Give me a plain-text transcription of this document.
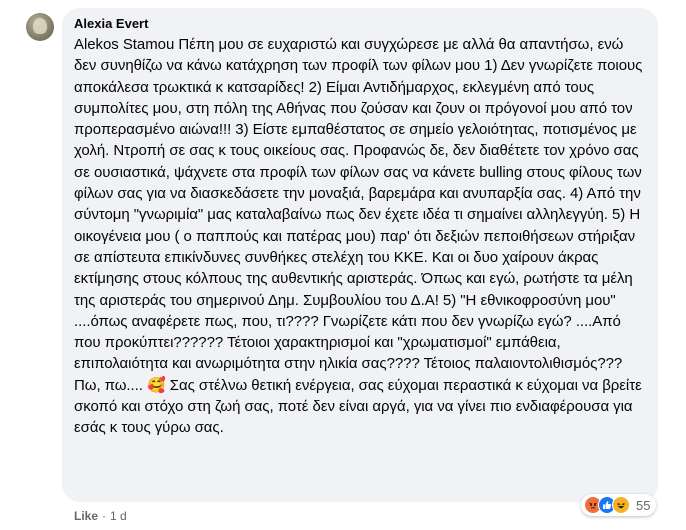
Alexia Evert
Alekos Stamou Πέπη μου σε ευχαριστώ και συγχώρεσε με αλλά θα απαντήσω, ενώ δεν συνηθίζω να κάνω κατάχρηση των προφίλ των φίλων μου 1) Δεν γνωρίζετε ποιους αποκάλεσα τρωκτικά κ κατσαρίδες! 2) Είμαι Αντιδήμαρχος, εκλεγμένη από τους συμπολίτες μου, στη πόλη της Αθήνας που ζούσαν και ζουν οι πρόγονοί μου από τον προπερασμένο αιώνα!!! 3) Είστε εμπαθέστατος σε σημείο γελοιότητας, ποτισμένος με χολή. Ντροπή σε σας κ τους οικείους σας. Προφανώς δε, δεν διαθέτετε τον χρόνο σας σε ουσιαστικά, ψάχνετε στα προφίλ των φίλων σας να κάνετε bulling στους φίλους των φίλων σας για να διασκεδάσετε την μοναξιά, βαρεμάρα και ανυπαρξία σας. 4) Από την σύντομη "γνωριμία" μας καταλαβαίνω πως δεν έχετε ιδέα τι σημαίνει αλληλεγγύη. 5) Η οικογένεια μου ( ο παππούς και πατέρας μου) παρ' ότι δεξιών πεποιθήσεων στήριξαν σε απίστευτα επικίνδυνες συνθήκες στελέχη του ΚΚΕ. Και οι δυο χαίρουν άκρας εκτίμησης στους κόλπους της αυθεντικής αριστεράς. Όπως και εγώ, ρωτήστε τα μέλη της αριστεράς του σημερινού Δημ. Συμβουλίου του Δ.Α! 5) "Η εθνικοφροσύνη μου" ....όπως αναφέρετε πως, που, τι???? Γνωρίζετε κάτι που δεν γνωρίζω εγώ? ....Από που προκύπτει?????? Τέτοιοι χαρακτηρισμοί και "χρωματισμοί" εμπάθεια, επιπολαιότητα και ανωριμότητα στην ηλικία σας???? Τέτοιος παλαιοντολιθισμός??? Πω, πω.... 🥰 Σας στέλνω θετική ενέργεια, σας εύχομαι περαστικά κ εύχομαι να βρείτε σκοπό και στόχο στη ζωή σας, ποτέ δεν είναι αργά, για να γίνει πιο ενδιαφέρουσα για εσάς κ τους γύρω σας.
55
Like · 1 d
